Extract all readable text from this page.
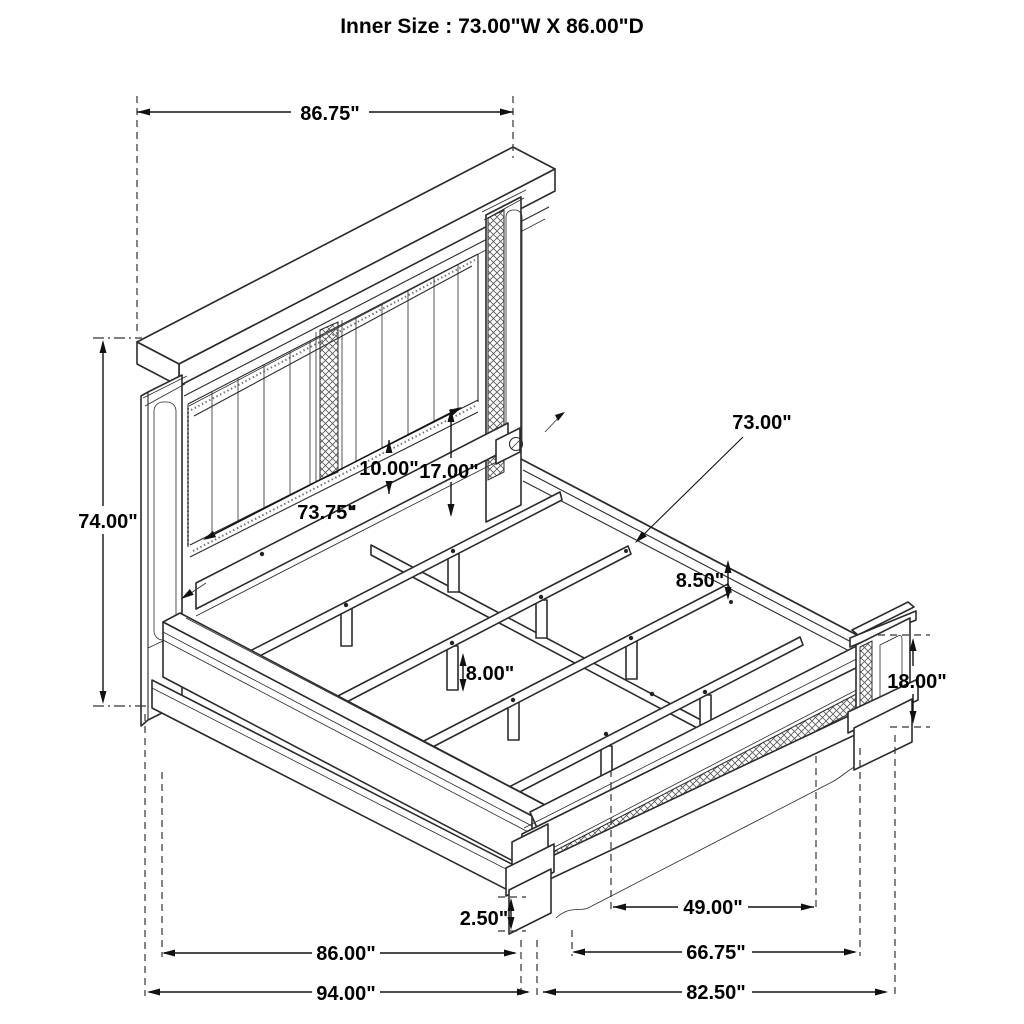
86.75"
74.00"	73.75"
10.00" 17.00"
73.00"
8.50"
8.00"	18.00"
2.50"	49.00"
86.00"	66.75"
94.00"	82.50"
Inner Size : 73.00"W X 86.00"D
